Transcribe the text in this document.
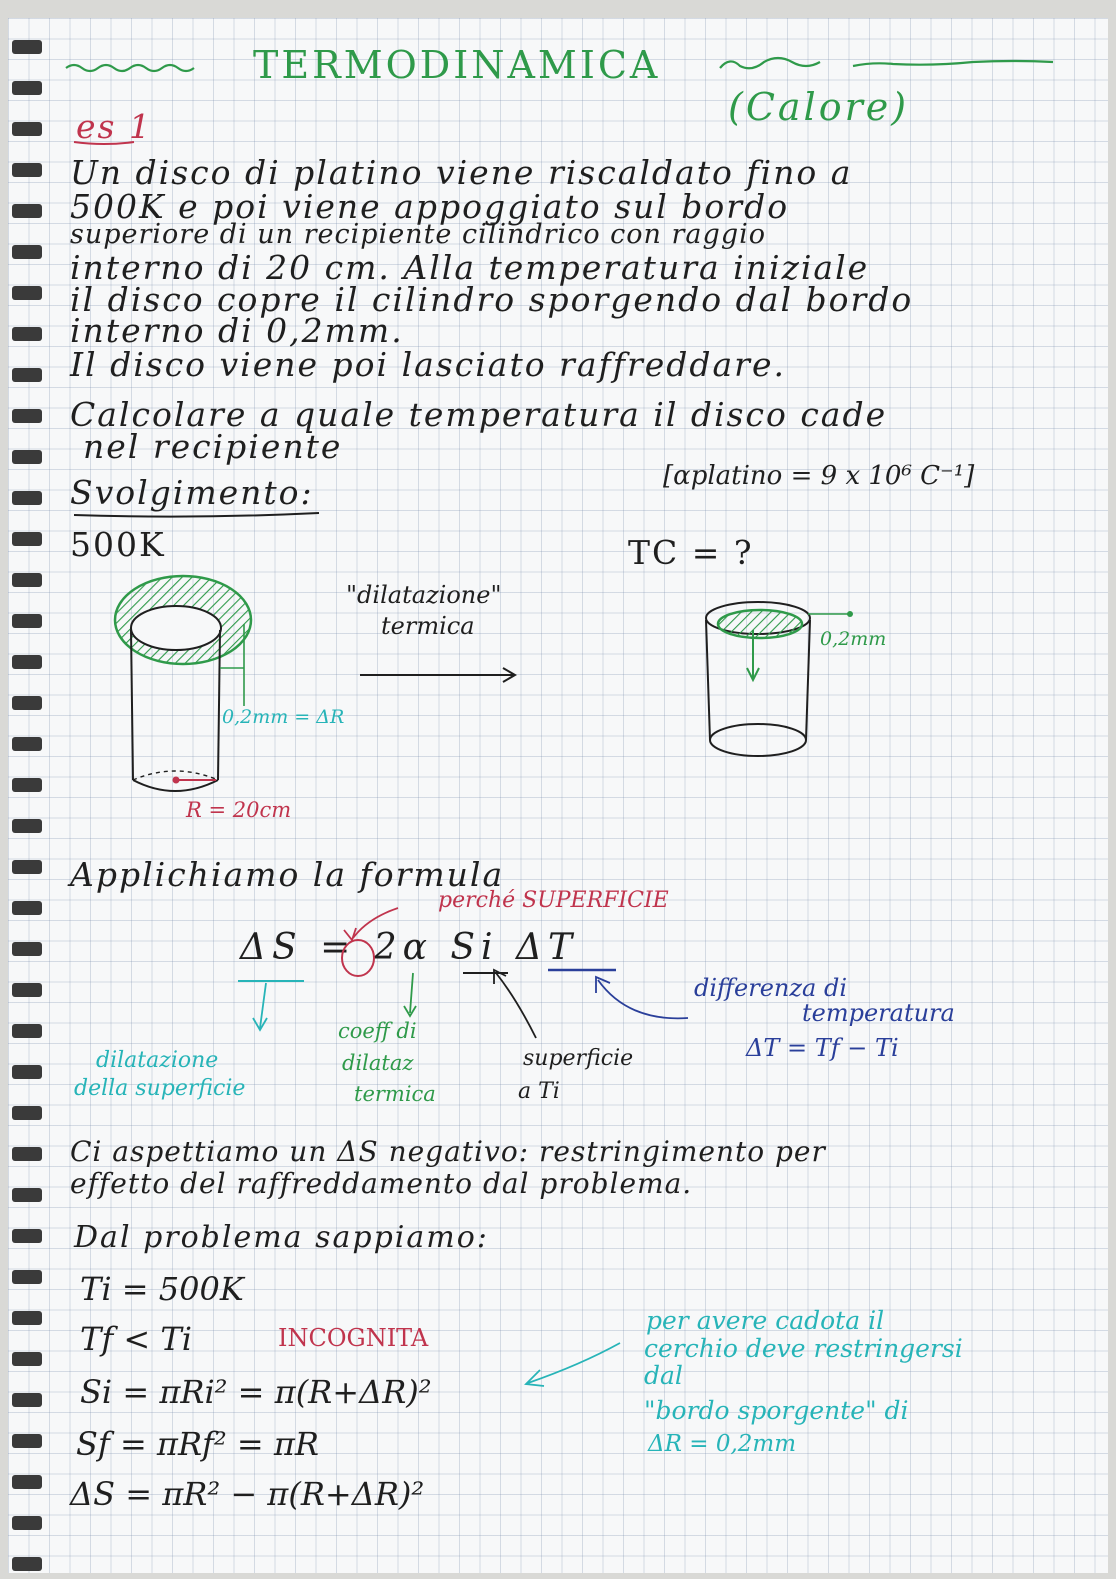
TERMODINAMICA
(Calore)
es 1
Un disco di platino viene riscaldato fino a
500K e poi viene appoggiato sul bordo
superiore di un recipiente cilindrico con raggio
interno di 20 cm. Alla temperatura iniziale
il disco copre il cilindro sporgendo dal bordo
interno di 0,2mm.
Il disco viene poi lasciato raffreddare.
Calcolare a quale temperatura il disco cade
nel recipiente
[αplatino = 9 x 10⁶ C⁻¹]
Svolgimento:
500K	TC = ?
"dilatazione"
termica
0,2mm = ΔR
R = 20cm
0,2mm
Applichiamo la formula
perché SUPERFICIE
ΔS = 2α Si ΔT
dilatazione
della superficie
coeff di
dilataz
termica
superficie
a Ti
differenza di
temperatura
ΔT = Tf − Ti
Ci aspettiamo un ΔS negativo: restringimento per
effetto del raffreddamento dal problema.
Dal problema sappiamo:
Ti = 500K
Tf < Ti	INCOGNITA
Si = πRi² = π(R+ΔR)²
Sf = πRf² = πR
ΔS = πR² − π(R+ΔR)²
per avere cadota il
cerchio deve restringersi
dal
"bordo sporgente" di
ΔR = 0,2mm
